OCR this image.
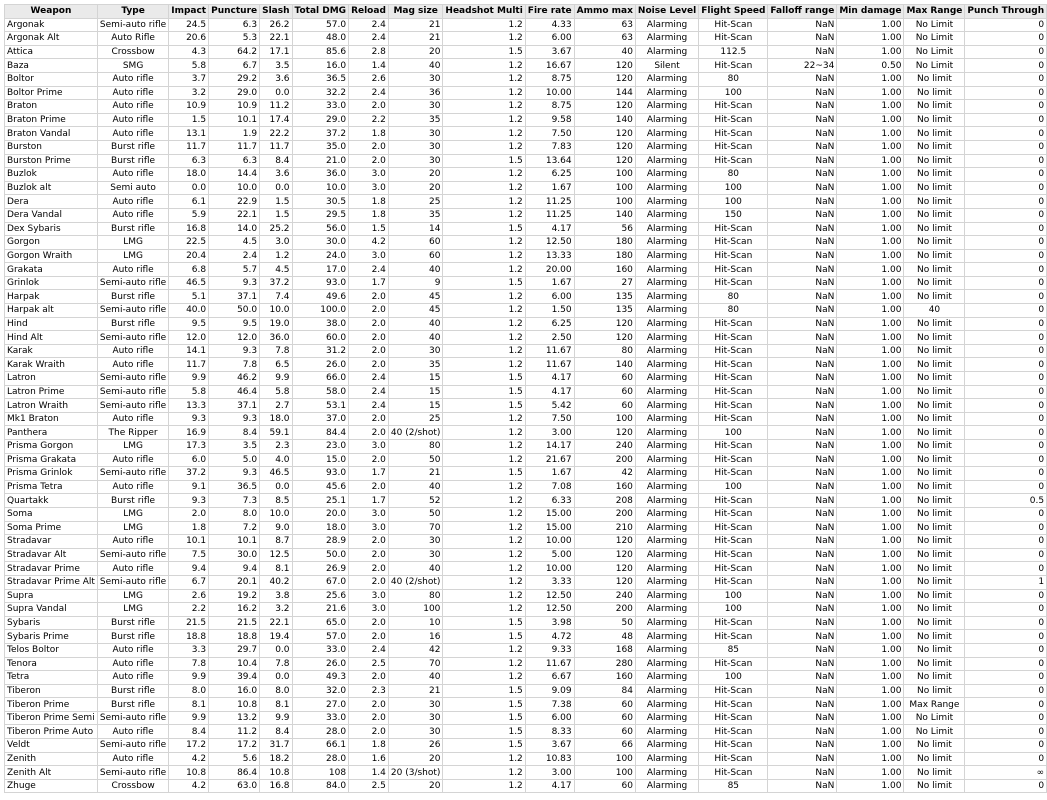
Weapon	Type	Impact	Puncture	Slash	Total DMG	Reload	Mag size	Headshot Multi	Fire rate	Ammo max	Noise Level	Flight Speed	Falloff range	Min damage	Max Range	Punch Through
Argonak	Semi-auto rifle	24.5	6.3	26.2	57.0	2.4	21	1.2	4.33	63	Alarming	Hit-Scan	NaN	1.00	No Limit	0
Argonak Alt	Auto Rifle	20.6	5.3	22.1	48.0	2.4	21	1.2	6.00	63	Alarming	Hit-Scan	NaN	1.00	No Limit	0
Attica	Crossbow	4.3	64.2	17.1	85.6	2.8	20	1.5	3.67	40	Alarming	112.5	NaN	1.00	No Limit	0
Baza	SMG	5.8	6.7	3.5	16.0	1.4	40	1.2	16.67	120	Silent	Hit-Scan	22~34	0.50	No Limit	0
Boltor	Auto rifle	3.7	29.2	3.6	36.5	2.6	30	1.2	8.75	120	Alarming	80	NaN	1.00	No limit	0
Boltor Prime	Auto rifle	3.2	29.0	0.0	32.2	2.4	36	1.2	10.00	144	Alarming	100	NaN	1.00	No limit	0
Braton	Auto rifle	10.9	10.9	11.2	33.0	2.0	30	1.2	8.75	120	Alarming	Hit-Scan	NaN	1.00	No limit	0
Braton Prime	Auto rifle	1.5	10.1	17.4	29.0	2.2	35	1.2	9.58	140	Alarming	Hit-Scan	NaN	1.00	No limit	0
Braton Vandal	Auto rifle	13.1	1.9	22.2	37.2	1.8	30	1.2	7.50	120	Alarming	Hit-Scan	NaN	1.00	No limit	0
Burston	Burst rifle	11.7	11.7	11.7	35.0	2.0	30	1.2	7.83	120	Alarming	Hit-Scan	NaN	1.00	No limit	0
Burston Prime	Burst rifle	6.3	6.3	8.4	21.0	2.0	30	1.5	13.64	120	Alarming	Hit-Scan	NaN	1.00	No limit	0
Buzlok	Auto rifle	18.0	14.4	3.6	36.0	3.0	20	1.2	6.25	100	Alarming	80	NaN	1.00	No limit	0
Buzlok alt	Semi auto	0.0	10.0	0.0	10.0	3.0	20	1.2	1.67	100	Alarming	100	NaN	1.00	No limit	0
Dera	Auto rifle	6.1	22.9	1.5	30.5	1.8	25	1.2	11.25	100	Alarming	100	NaN	1.00	No limit	0
Dera Vandal	Auto rifle	5.9	22.1	1.5	29.5	1.8	35	1.2	11.25	140	Alarming	150	NaN	1.00	No limit	0
Dex Sybaris	Burst rifle	16.8	14.0	25.2	56.0	1.5	14	1.5	4.17	56	Alarming	Hit-Scan	NaN	1.00	No limit	0
Gorgon	LMG	22.5	4.5	3.0	30.0	4.2	60	1.2	12.50	180	Alarming	Hit-Scan	NaN	1.00	No limit	0
Gorgon Wraith	LMG	20.4	2.4	1.2	24.0	3.0	60	1.2	13.33	180	Alarming	Hit-Scan	NaN	1.00	No limit	0
Grakata	Auto rifle	6.8	5.7	4.5	17.0	2.4	40	1.2	20.00	160	Alarming	Hit-Scan	NaN	1.00	No limit	0
Grinlok	Semi-auto rifle	46.5	9.3	37.2	93.0	1.7	9	1.5	1.67	27	Alarming	Hit-Scan	NaN	1.00	No limit	0
Harpak	Burst rifle	5.1	37.1	7.4	49.6	2.0	45	1.2	6.00	135	Alarming	80	NaN	1.00	No limit	0
Harpak alt	Semi-auto rifle	40.0	50.0	10.0	100.0	2.0	45	1.2	1.50	135	Alarming	80	NaN	1.00	40	0
Hind	Burst rifle	9.5	9.5	19.0	38.0	2.0	40	1.2	6.25	120	Alarming	Hit-Scan	NaN	1.00	No limit	0
Hind Alt	Semi-auto rifle	12.0	12.0	36.0	60.0	2.0	40	1.2	2.50	120	Alarming	Hit-Scan	NaN	1.00	No limit	0
Karak	Auto rifle	14.1	9.3	7.8	31.2	2.0	30	1.2	11.67	80	Alarming	Hit-Scan	NaN	1.00	No limit	0
Karak Wraith	Auto rifle	11.7	7.8	6.5	26.0	2.0	35	1.2	11.67	140	Alarming	Hit-Scan	NaN	1.00	No limit	0
Latron	Semi-auto rifle	9.9	46.2	9.9	66.0	2.4	15	1.5	4.17	60	Alarming	Hit-Scan	NaN	1.00	No limit	0
Latron Prime	Semi-auto rifle	5.8	46.4	5.8	58.0	2.4	15	1.5	4.17	60	Alarming	Hit-Scan	NaN	1.00	No limit	0
Latron Wraith	Semi-auto rifle	13.3	37.1	2.7	53.1	2.4	15	1.5	5.42	60	Alarming	Hit-Scan	NaN	1.00	No limit	0
Mk1 Braton	Auto rifle	9.3	9.3	18.0	37.0	2.0	25	1.2	7.50	100	Alarming	Hit-Scan	NaN	1.00	No limit	0
Panthera	The Ripper	16.9	8.4	59.1	84.4	2.0	40 (2/shot)	1.2	3.00	120	Alarming	100	NaN	1.00	No limit	0
Prisma Gorgon	LMG	17.3	3.5	2.3	23.0	3.0	80	1.2	14.17	240	Alarming	Hit-Scan	NaN	1.00	No limit	0
Prisma Grakata	Auto rifle	6.0	5.0	4.0	15.0	2.0	50	1.2	21.67	200	Alarming	Hit-Scan	NaN	1.00	No limit	0
Prisma Grinlok	Semi-auto rifle	37.2	9.3	46.5	93.0	1.7	21	1.5	1.67	42	Alarming	Hit-Scan	NaN	1.00	No limit	0
Prisma Tetra	Auto rifle	9.1	36.5	0.0	45.6	2.0	40	1.2	7.08	160	Alarming	100	NaN	1.00	No limit	0
Quartakk	Burst rifle	9.3	7.3	8.5	25.1	1.7	52	1.2	6.33	208	Alarming	Hit-Scan	NaN	1.00	No limit	0.5
Soma	LMG	2.0	8.0	10.0	20.0	3.0	50	1.2	15.00	200	Alarming	Hit-Scan	NaN	1.00	No limit	0
Soma Prime	LMG	1.8	7.2	9.0	18.0	3.0	70	1.2	15.00	210	Alarming	Hit-Scan	NaN	1.00	No limit	0
Stradavar	Auto rifle	10.1	10.1	8.7	28.9	2.0	30	1.2	10.00	120	Alarming	Hit-Scan	NaN	1.00	No limit	0
Stradavar Alt	Semi-auto rifle	7.5	30.0	12.5	50.0	2.0	30	1.2	5.00	120	Alarming	Hit-Scan	NaN	1.00	No limit	0
Stradavar Prime	Auto rifle	9.4	9.4	8.1	26.9	2.0	40	1.2	10.00	120	Alarming	Hit-Scan	NaN	1.00	No limit	0
Stradavar Prime Alt	Semi-auto rifle	6.7	20.1	40.2	67.0	2.0	40 (2/shot)	1.2	3.33	120	Alarming	Hit-Scan	NaN	1.00	No limit	1
Supra	LMG	2.6	19.2	3.8	25.6	3.0	80	1.2	12.50	240	Alarming	100	NaN	1.00	No limit	0
Supra Vandal	LMG	2.2	16.2	3.2	21.6	3.0	100	1.2	12.50	200	Alarming	100	NaN	1.00	No limit	0
Sybaris	Burst rifle	21.5	21.5	22.1	65.0	2.0	10	1.5	3.98	50	Alarming	Hit-Scan	NaN	1.00	No limit	0
Sybaris Prime	Burst rifle	18.8	18.8	19.4	57.0	2.0	16	1.5	4.72	48	Alarming	Hit-Scan	NaN	1.00	No limit	0
Telos Boltor	Auto rifle	3.3	29.7	0.0	33.0	2.4	42	1.2	9.33	168	Alarming	85	NaN	1.00	No limit	0
Tenora	Auto rifle	7.8	10.4	7.8	26.0	2.5	70	1.2	11.67	280	Alarming	Hit-Scan	NaN	1.00	No limit	0
Tetra	Auto rifle	9.9	39.4	0.0	49.3	2.0	40	1.2	6.67	160	Alarming	100	NaN	1.00	No limit	0
Tiberon	Burst rifle	8.0	16.0	8.0	32.0	2.3	21	1.5	9.09	84	Alarming	Hit-Scan	NaN	1.00	No limit	0
Tiberon Prime	Burst rifle	8.1	10.8	8.1	27.0	2.0	30	1.5	7.38	60	Alarming	Hit-Scan	NaN	1.00	Max Range	0
Tiberon Prime Semi	Semi-auto rifle	9.9	13.2	9.9	33.0	2.0	30	1.5	6.00	60	Alarming	Hit-Scan	NaN	1.00	No Limit	0
Tiberon Prime Auto	Auto rifle	8.4	11.2	8.4	28.0	2.0	30	1.5	8.33	60	Alarming	Hit-Scan	NaN	1.00	No Limit	0
Veldt	Semi-auto rifle	17.2	17.2	31.7	66.1	1.8	26	1.5	3.67	66	Alarming	Hit-Scan	NaN	1.00	No limit	0
Zenith	Auto rifle	4.2	5.6	18.2	28.0	1.6	20	1.2	10.83	100	Alarming	Hit-Scan	NaN	1.00	No limit	0
Zenith Alt	Semi-auto rifle	10.8	86.4	10.8	108	1.4	20 (3/shot)	1.2	3.00	100	Alarming	Hit-Scan	NaN	1.00	No limit	∞
Zhuge	Crossbow	4.2	63.0	16.8	84.0	2.5	20	1.2	4.17	60	Alarming	85	NaN	1.00	No limit	0
